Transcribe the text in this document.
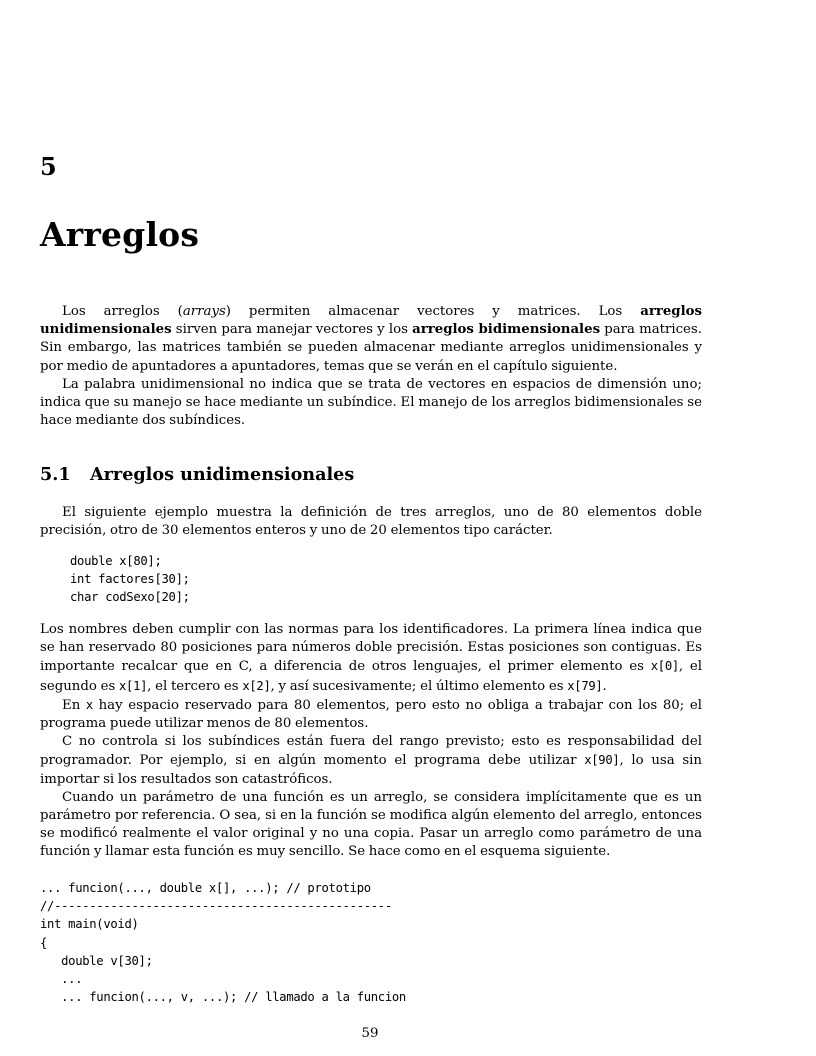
5
Arreglos

Los arreglos (arrays) permiten almacenar vectores y matrices. Los arreglos unidimensionales sirven para manejar vectores y los arreglos bidimensionales para matrices. Sin embargo, las matrices también se pueden almacenar mediante arreglos unidimensionales y por medio de apuntadores a apuntadores, temas que se verán en el capítulo siguiente.

La palabra unidimensional no indica que se trata de vectores en espacios de dimensión uno; indica que su manejo se hace mediante un subíndice. El manejo de los arreglos bidimensionales se hace mediante dos subíndices.

5.1 Arreglos unidimensionales

El siguiente ejemplo muestra la definición de tres arreglos, uno de 80 elementos doble precisión, otro de 30 elementos enteros y uno de 20 elementos tipo carácter.

double x[80];
int factores[30];
char codSexo[20];

Los nombres deben cumplir con las normas para los identificadores. La primera línea indica que se han reservado 80 posiciones para números doble precisión. Estas posiciones son contiguas. Es importante recalcar que en C, a diferencia de otros lenguajes, el primer elemento es x[0], el segundo es x[1], el tercero es x[2], y así sucesivamente; el último elemento es x[79].

En x hay espacio reservado para 80 elementos, pero esto no obliga a trabajar con los 80; el programa puede utilizar menos de 80 elementos.

C no controla si los subíndices están fuera del rango previsto; esto es responsabilidad del programador. Por ejemplo, si en algún momento el programa debe utilizar x[90], lo usa sin importar si los resultados son catastróficos.

Cuando un parámetro de una función es un arreglo, se considera implícitamente que es un parámetro por referencia. O sea, si en la función se modifica algún elemento del arreglo, entonces se modificó realmente el valor original y no una copia. Pasar un arreglo como parámetro de una función y llamar esta función es muy sencillo. Se hace como en el esquema siguiente.

... funcion(..., double x[], ...); // prototipo
//------------------------------------------------
int main(void)
{
double v[30];
...
... funcion(..., v, ...); // llamado a la funcion
59
